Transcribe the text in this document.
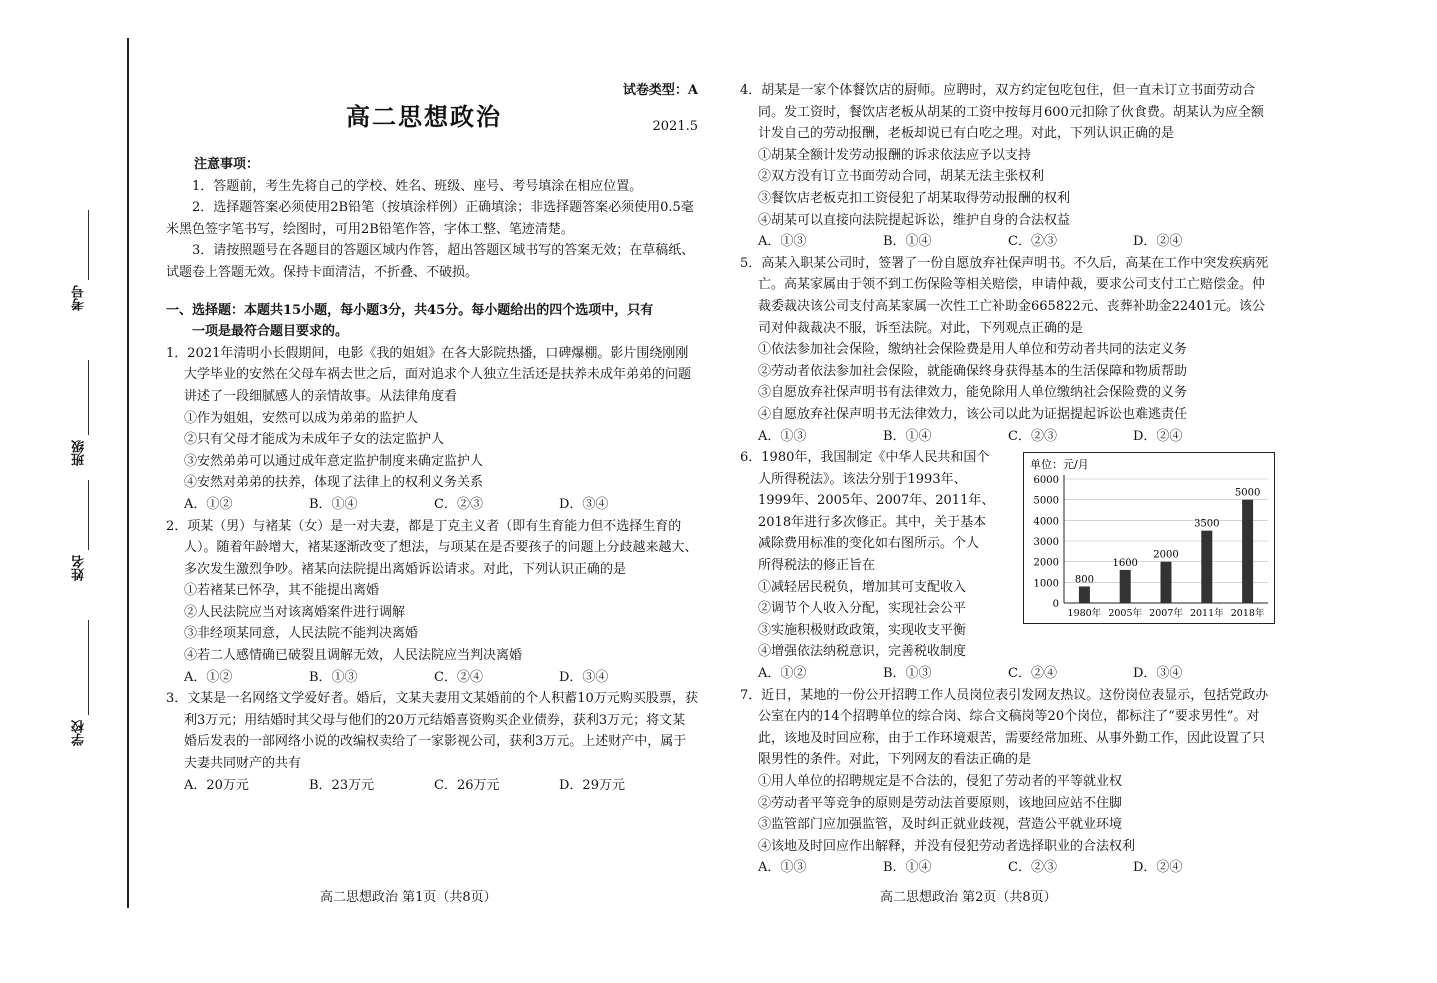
考号
班级
姓名
学校
试卷类型：A
高二思想政治	2021.5

注意事项：

1．答题前，考生先将自己的学校、姓名、班级、座号、考号填涂在相应位置。

2．选择题答案必须使用2B铅笔（按填涂样例）正确填涂；非选择题答案必须使用0.5毫米黑色签字笔书写，绘图时，可用2B铅笔作答，字体工整、笔迹清楚。

3．请按照题号在各题目的答题区域内作答，超出答题区域书写的答案无效；在草稿纸、试题卷上答题无效。保持卡面清洁，不折叠、不破损。

一、选择题：本题共15小题，每小题3分，共45分。每小题给出的四个选项中，只有

一项是最符合题目要求的。

1．2021年清明小长假期间，电影《我的姐姐》在各大影院热播，口碑爆棚。影片围绕刚刚大学毕业的安然在父母车祸去世之后，面对追求个人独立生活还是扶养未成年弟弟的问题讲述了一段细腻感人的亲情故事。从法律角度看

①作为姐姐，安然可以成为弟弟的监护人

②只有父母才能成为未成年子女的法定监护人

③安然弟弟可以通过成年意定监护制度来确定监护人

④安然对弟弟的扶养，体现了法律上的权利义务关系

A．①②	B．①④	C．②③	D．③④

2．项某（男）与褚某（女）是一对夫妻，都是丁克主义者（即有生育能力但不选择生育的人）。随着年龄增大，褚某逐渐改变了想法，与项某在是否要孩子的问题上分歧越来越大、多次发生激烈争吵。褚某向法院提出离婚诉讼请求。对此，下列认识正确的是

①若褚某已怀孕，其不能提出离婚

②人民法院应当对该离婚案件进行调解

③非经项某同意，人民法院不能判决离婚

④若二人感情确已破裂且调解无效，人民法院应当判决离婚

A．①②	B．①③	C．②④	D．③④

3．文某是一名网络文学爱好者。婚后，文某夫妻用文某婚前的个人积蓄10万元购买股票，获利3万元；用结婚时其父母与他们的20万元结婚喜资购买企业债券，获利3万元；将文某婚后发表的一部网络小说的改编权卖给了一家影视公司，获利3万元。上述财产中，属于夫妻共同财产的共有

A．20万元	B．23万元	C．26万元	D．29万元
高二思想政治 第1页（共8页）

4．胡某是一家个体餐饮店的厨师。应聘时，双方约定包吃包住，但一直未订立书面劳动合同。发工资时，餐饮店老板从胡某的工资中按每月600元扣除了伙食费。胡某认为应全额计发自己的劳动报酬，老板却说已有白吃之理。对此，下列认识正确的是

①胡某全额计发劳动报酬的诉求依法应予以支持

②双方没有订立书面劳动合同，胡某无法主张权利

③餐饮店老板克扣工资侵犯了胡某取得劳动报酬的权利

④胡某可以直接向法院提起诉讼，维护自身的合法权益

A．①③	B．①④	C．②③	D．②④

5．高某入职某公司时，签署了一份自愿放弃社保声明书。不久后，高某在工作中突发疾病死亡。高某家属由于领不到工伤保险等相关赔偿，申请仲裁，要求公司支付工亡赔偿金。仲裁委裁决该公司支付高某家属一次性工亡补助金665822元、丧葬补助金22401元。该公司对仲裁裁决不服，诉至法院。对此，下列观点正确的是

①依法参加社会保险，缴纳社会保险费是用人单位和劳动者共同的法定义务

②劳动者依法参加社会保险，就能确保终身获得基本的生活保障和物质帮助

③自愿放弃社保声明书有法律效力，能免除用人单位缴纳社会保险费的义务

④自愿放弃社保声明书无法律效力，该公司以此为证据提起诉讼也难逃责任

A．①③	B．①④	C．②③	D．②④

6．1980年，我国制定《中华人民共和国个

人所得税法》。该法分别于1993年、

1999年、2005年、2007年、2011年、

2018年进行多次修正。其中，关于基本

减除费用标准的变化如右图所示。个人

所得税法的修正旨在

①减轻居民税负，增加其可支配收入

②调节个人收入分配，实现社会公平

③实施积极财政政策，实现收支平衡

④增强依法纳税意识，完善税收制度

A．①②	B．①③	C．②④	D．③④

7．近日，某地的一份公开招聘工作人员岗位表引发网友热议。这份岗位表显示，包括党政办公室在内的14个招聘单位的综合岗、综合文稿岗等20个岗位，都标注了“要求男性”。对此，该地及时回应称，由于工作环境艰苦，需要经常加班、从事外勤工作，因此设置了只限男性的条件。对此，下列网友的看法正确的是

①用人单位的招聘规定是不合法的，侵犯了劳动者的平等就业权

②劳动者平等竞争的原则是劳动法首要原则，该地回应站不住脚

③监管部门应加强监管，及时纠正就业歧视，营造公平就业环境

④该地及时回应作出解释，并没有侵犯劳动者选择职业的合法权利

A．①③	B．①④	C．②③	D．②④
高二思想政治 第2页（共8页）
单位：元/月
0
1000
2000
3000
4000
5000
6000
800
1980年
1600
2005年
2000
2007年
3500
2011年
5000
2018年
